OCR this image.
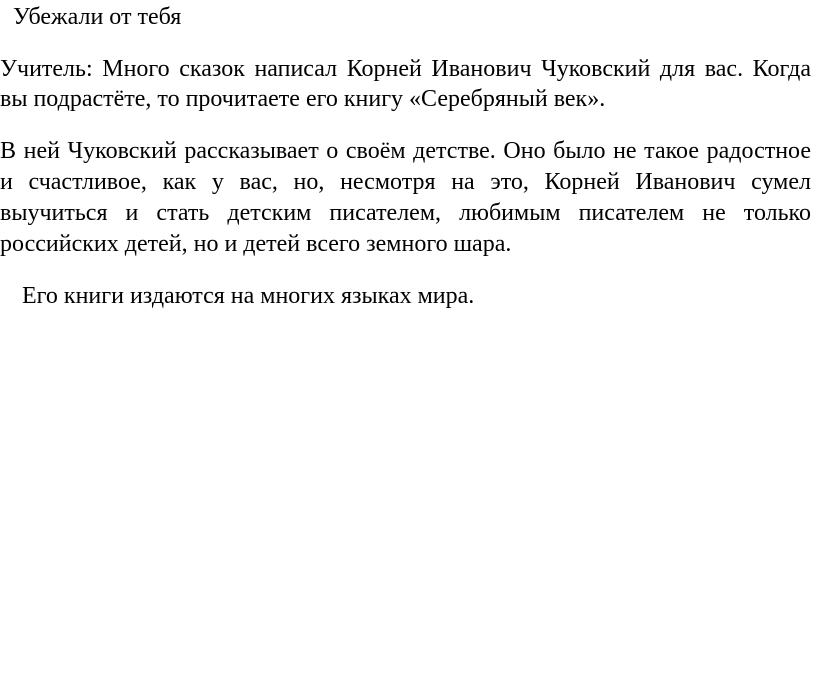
Убежали от тебя

Учитель: Много сказок написал Корней Иванович Чуковский для вас. Когда

вы подрастёте, то прочитаете его книгу «Серебряный век».

В ней Чуковский рассказывает о своём детстве. Оно было не такое радостное

и счастливое, как у вас, но, несмотря на это, Корней Иванович сумел

выучиться и стать детским писателем, любимым писателем не только

российских детей, но и детей всего земного шара.

Его книги издаются на многих языках мира.
